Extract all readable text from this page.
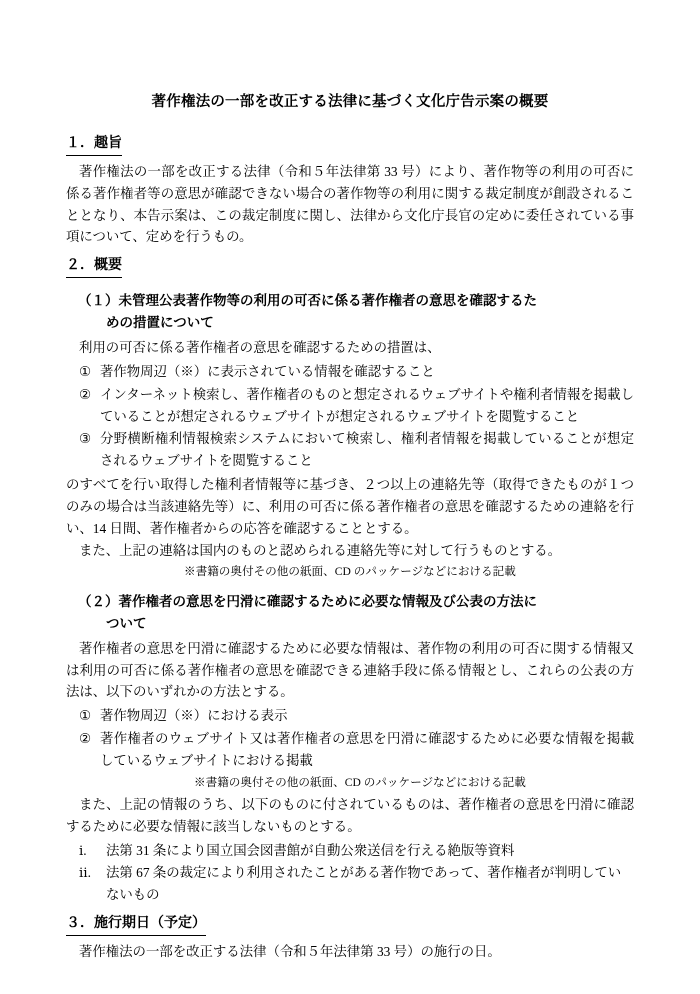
著作権法の一部を改正する法律に基づく文化庁告示案の概要
１．趣旨

著作権法の一部を改正する法律（令和５年法律第 33 号）により、著作物等の利用の可否に係る著作権者等の意思が確認できない場合の著作物等の利用に関する裁定制度が創設されることとなり、本告示案は、この裁定制度に関し、法律から文化庁長官の定めに委任されている事項について、定めを行うもの。

２．概要
（１）未管理公表著作物等の利用の可否に係る著作権者の意思を確認するた
めの措置について

利用の可否に係る著作権者の意思を確認するための措置は、

① 著作物周辺（※）に表示されている情報を確認すること
② インターネット検索し、著作権者のものと想定されるウェブサイトや権利者情報を掲載していることが想定されるウェブサイトが想定されるウェブサイトを閲覧すること
③ 分野横断権利情報検索システムにおいて検索し、権利者情報を掲載していることが想定されるウェブサイトを閲覧すること

のすべてを行い取得した権利者情報等に基づき、２つ以上の連絡先等（取得できたものが１つのみの場合は当該連絡先等）に、利用の可否に係る著作権者の意思を確認するための連絡を行い、14 日間、著作権者からの応答を確認することとする。

また、上記の連絡は国内のものと認められる連絡先等に対して行うものとする。

※書籍の奥付その他の紙面、CD のパッケージなどにおける記載
（２）著作権者の意思を円滑に確認するために必要な情報及び公表の方法に
ついて

著作権者の意思を円滑に確認するために必要な情報は、著作物の利用の可否に関する情報又は利用の可否に係る著作権者の意思を確認できる連絡手段に係る情報とし、これらの公表の方法は、以下のいずれかの方法とする。

① 著作物周辺（※）における表示
② 著作権者のウェブサイト又は著作権者の意思を円滑に確認するために必要な情報を掲載しているウェブサイトにおける掲載
※書籍の奥付その他の紙面、CD のパッケージなどにおける記載

また、上記の情報のうち、以下のものに付されているものは、著作権者の意思を円滑に確認するために必要な情報に該当しないものとする。

ⅰ.	法第 31 条により国立国会図書館が自動公衆送信を行える絶版等資料
ⅱ.	法第 67 条の裁定により利用されたことがある著作物であって、著作権者が判明していないもの
３．施行期日（予定）

著作権法の一部を改正する法律（令和５年法律第 33 号）の施行の日。
